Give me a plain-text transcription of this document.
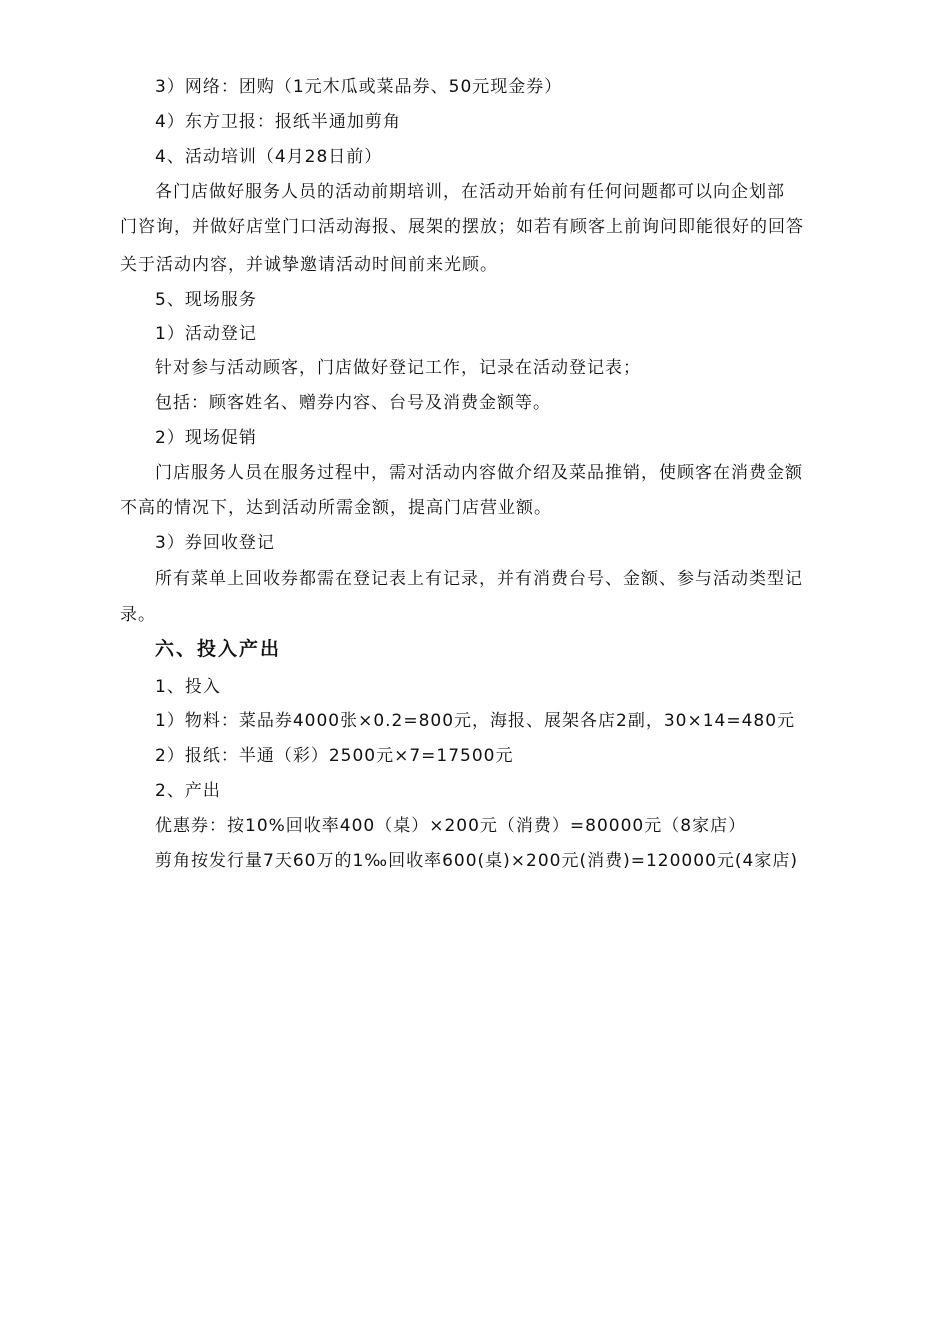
3）网络：团购（1元木瓜或菜品券、50元现金券）
4）东方卫报：报纸半通加剪角
4、活动培训（4月28日前）
各门店做好服务人员的活动前期培训，在活动开始前有任何问题都可以向企划部
门咨询，并做好店堂门口活动海报、展架的摆放；如若有顾客上前询问即能很好的回答
关于活动内容，并诚挚邀请活动时间前来光顾。
5、现场服务
1）活动登记
针对参与活动顾客，门店做好登记工作，记录在活动登记表；
包括：顾客姓名、赠券内容、台号及消费金额等。
2）现场促销
门店服务人员在服务过程中，需对活动内容做介绍及菜品推销，使顾客在消费金额
不高的情况下，达到活动所需金额，提高门店营业额。
3）券回收登记
所有菜单上回收券都需在登记表上有记录，并有消费台号、金额、参与活动类型记
录。
六、投入产出
1、投入
1）物料：菜品券4000张×0.2=800元，海报、展架各店2副，30×14=480元
2）报纸：半通（彩）2500元×7=17500元
2、产出
优惠券：按10%回收率400（桌）×200元（消费）=80000元（8家店）
剪角按发行量7天60万的1‰回收率600(桌)×200元(消费)=120000元(4家店)
